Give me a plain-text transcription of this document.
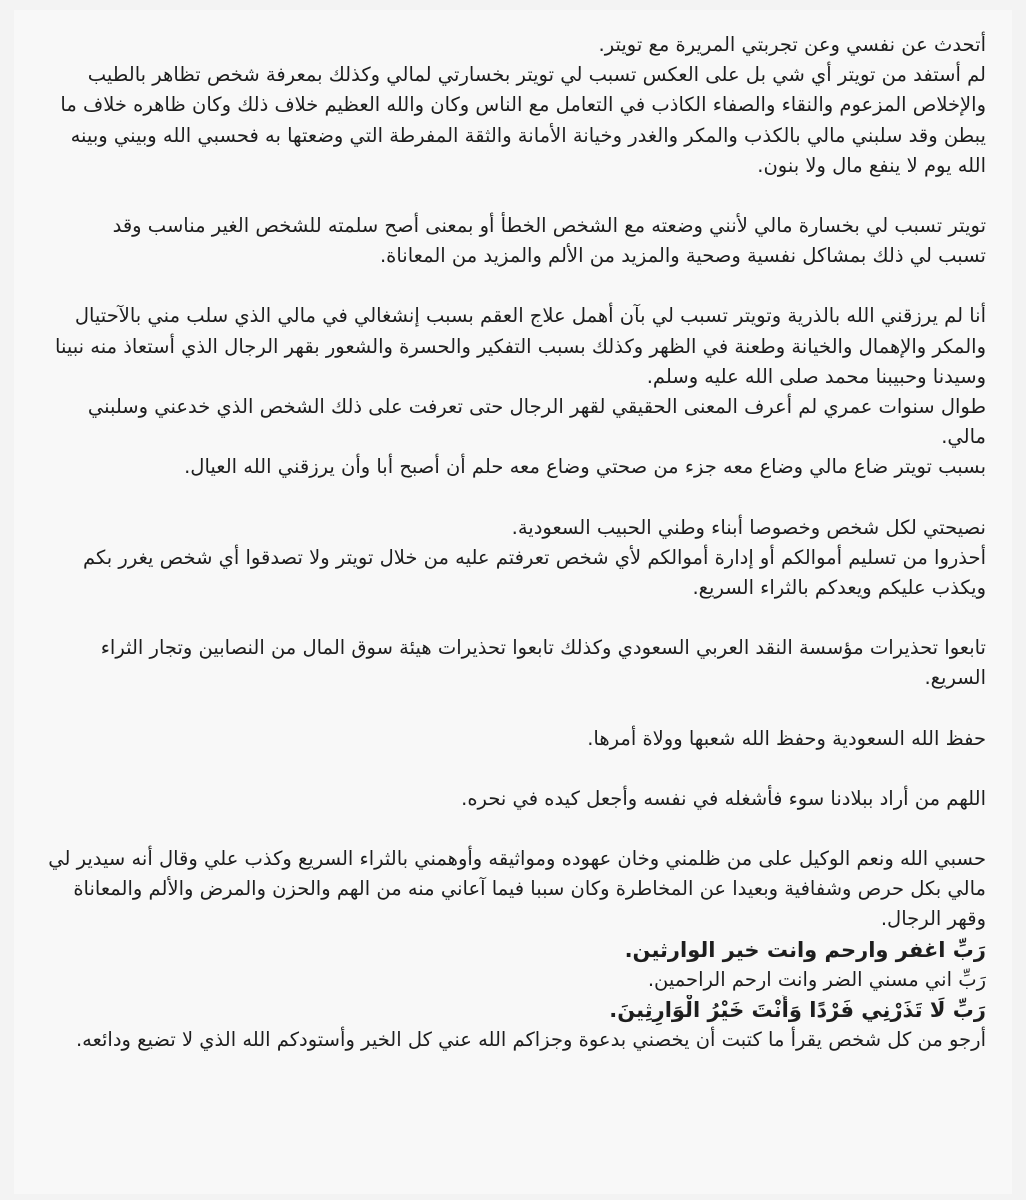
أتحدث عن نفسي وعن تجربتي المريرة مع تويتر.
لم أستفد من تويتر أي شي بل على العكس تسبب لي تويتر بخسارتي لمالي وكذلك بمعرفة شخص تظاهر بالطيب
والإخلاص المزعوم والنقاء والصفاء الكاذب في التعامل مع الناس وكان والله العظيم خلاف ذلك وكان ظاهره خلاف ما
يبطن وقد سلبني مالي بالكذب والمكر والغدر وخيانة الأمانة والثقة المفرطة التي وضعتها به فحسبي الله وبيني وبينه
الله يوم لا ينفع مال ولا بنون.
تويتر تسبب لي بخسارة مالي لأنني وضعته مع الشخص الخطأ أو بمعنى أصح سلمته للشخص الغير مناسب وقد
تسبب لي ذلك بمشاكل نفسية وصحية والمزيد من الألم والمزيد من المعاناة.
أنا لم يرزقني الله بالذرية وتويتر تسبب لي بآن أهمل علاج العقم بسبب إنشغالي في مالي الذي سلب مني بالآحتيال
والمكر والإهمال والخيانة وطعنة في الظهر وكذلك بسبب التفكير والحسرة والشعور بقهر الرجال الذي أستعاذ منه نبينا
وسيدنا وحبيبنا محمد صلى الله عليه وسلم.
طوال سنوات عمري لم أعرف المعنى الحقيقي لقهر الرجال حتى تعرفت على ذلك الشخص الذي خدعني وسلبني
مالي.
بسبب تويتر ضاع مالي وضاع معه جزء من صحتي وضاع معه حلم أن أصبح أبا وأن يرزقني الله العيال.
نصيحتي لكل شخص وخصوصا أبناء وطني الحبيب السعودية.
أحذروا من تسليم أموالكم أو إدارة أموالكم لأي شخص تعرفتم عليه من خلال تويتر ولا تصدقوا أي شخص يغرر بكم
ويكذب عليكم ويعدكم بالثراء السريع.
تابعوا تحذيرات مؤسسة النقد العربي السعودي وكذلك تابعوا تحذيرات هيئة سوق المال من النصابين وتجار الثراء
السريع.
حفظ الله السعودية وحفظ الله شعبها وولاة أمرها.
اللهم من أراد ببلادنا سوء فأشغله في نفسه وأجعل كيده في نحره.
حسبي الله ونعم الوكيل على من ظلمني وخان عهوده ومواثيقه وأوهمني بالثراء السريع وكذب علي وقال أنه سيدير لي
مالي بكل حرص وشفافية وبعيدا عن المخاطرة وكان سببا فيما آعاني منه من الهم والحزن والمرض والألم والمعاناة
وقهر الرجال.
رَبِّ اغفر وارحم وانت خير الوارثين.
رَبِّ اني مسني الضر وانت ارحم الراحمين.
رَبِّ لَا تَذَرْنِي فَرْدًا وَأَنْتَ خَيْرُ الْوَارِثِينَ.
أرجو من كل شخص يقرأ ما كتبت أن يخصني بدعوة وجزاكم الله عني كل الخير وأستودكم الله الذي لا تضيع ودائعه.
